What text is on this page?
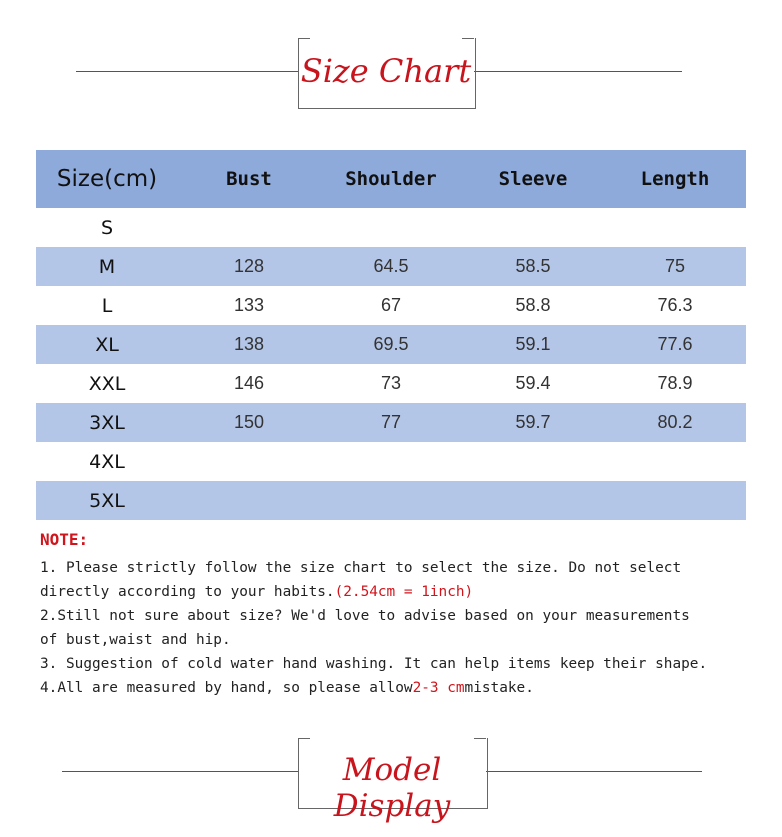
Size Chart
Size(cm)	Bust	Shoulder	Sleeve	Length
S				
M	128	64.5	58.5	75
L	133	67	58.8	76.3
XL	138	69.5	59.1	77.6
XXL	146	73	59.4	78.9
3XL	150	77	59.7	80.2
4XL				
5XL				
NOTE:

1. Please strictly follow the size chart to select the size. Do not select

directly according to your habits.(2.54cm = 1inch)

2.Still not sure about size? We'd love to advise based on your measurements

of bust,waist and hip.

3. Suggestion of cold water hand washing. It can help items keep their shape.

4.All are measured by hand, so please allow2-3 cmmistake.

Model Display
